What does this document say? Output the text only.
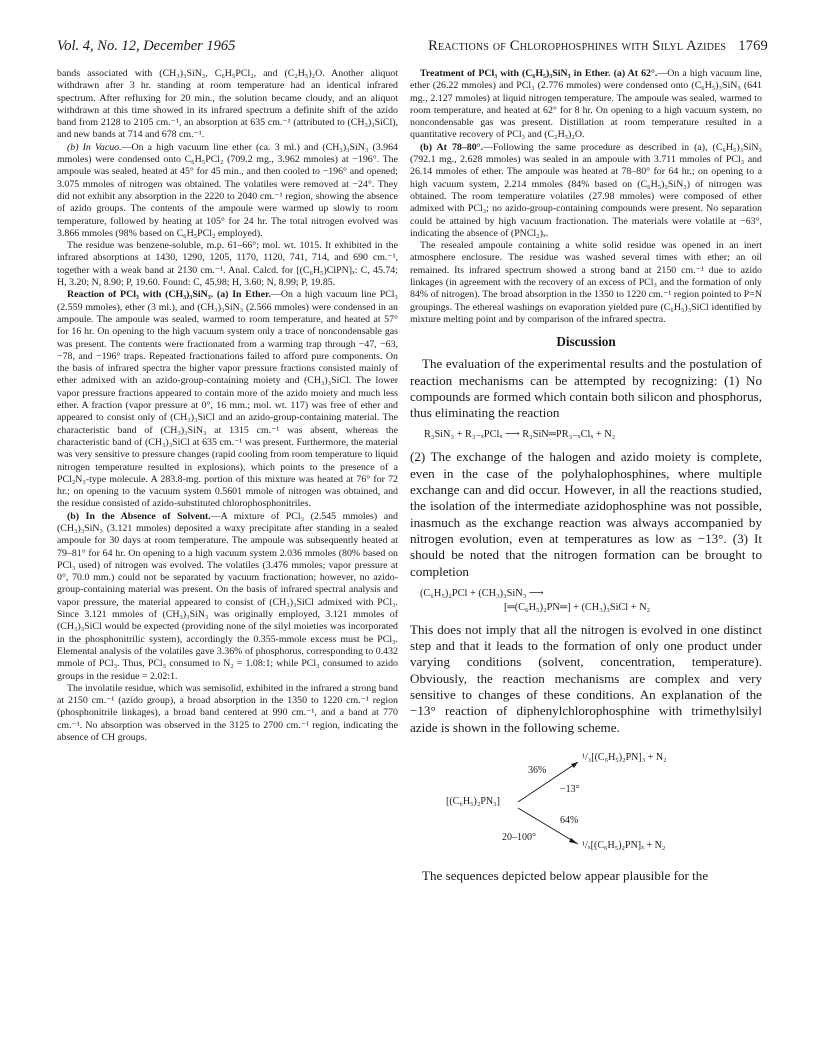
Vol. 4, No. 12, December 1965	Reactions of Chlorophosphines with Silyl Azides 1769

bands associated with (CH₃)₃SiN₃, C₆H₅PCl₂, and (C₂H₅)₂O. Another aliquot withdrawn after 3 hr. standing at room temperature had an identical infrared spectrum. After refluxing for 20 min., the solution became cloudy, and an aliquot withdrawn at this time showed in its infrared spectrum a definite shift of the azido band from 2128 to 2105 cm.⁻¹, an absorption at 635 cm.⁻¹ (attributed to (CH₃)₃SiCl), and new bands at 714 and 678 cm.⁻¹.

(b) In Vacuo.—On a high vacuum line ether (ca. 3 ml.) and (CH₃)₃SiN₃ (3.964 mmoles) were condensed onto C₆H₅PCl₂ (709.2 mg., 3.962 mmoles) at −196°. The ampoule was sealed, heated at 45° for 45 min., and then cooled to −196° and opened; 3.075 mmoles of nitrogen was obtained. The volatiles were removed at −24°. They did not exhibit any absorption in the 2220 to 2040 cm.⁻¹ region, showing the absence of azido groups. The contents of the ampoule were warmed up slowly to room temperature, followed by heating at 105° for 24 hr. The total nitrogen evolved was 3.866 mmoles (98% based on C₆H₅PCl₂ employed).

The residue was benzene-soluble, m.p. 61–66°; mol. wt. 1015. It exhibited in the infrared absorptions at 1430, 1290, 1205, 1170, 1120, 741, 714, and 690 cm.⁻¹, together with a weak band at 2130 cm.⁻¹. Anal. Calcd. for [(C₆H₅)ClPN]ₓ: C, 45.74; H, 3.20; N, 8.90; P, 19.60. Found: C, 45.98; H, 3.60; N, 8.99; P, 19.85.

Reaction of PCl₃ with (CH₃)₃SiN₃. (a) In Ether.—On a high vacuum line PCl₃ (2.559 mmoles), ether (3 ml.), and (CH₃)₃SiN₃ (2.566 mmoles) were condensed in an ampoule. The ampoule was sealed, warmed to room temperature, and heated at 57° for 16 hr. On opening to the high vacuum system only a trace of noncondensable gas was present. The contents were fractionated from a warming trap through −47, −63, −78, and −196° traps. Repeated fractionations failed to afford pure components. On the basis of infrared spectra the higher vapor pressure fractions consisted mainly of ether admixed with an azido-group-containing moiety and (CH₃)₃SiCl. The lower vapor pressure fractions appeared to contain more of the azido moiety and much less ether. A fraction (vapor pressure at 0°, 16 mm.; mol. wt. 117) was free of ether and appeared to consist only of (CH₃)₃SiCl and an azido-group-containing material. The characteristic band of (CH₃)₃SiN₃ at 1315 cm.⁻¹ was absent, whereas the characteristic band of (CH₃)₃SiCl at 635 cm.⁻¹ was present. Furthermore, the material was very sensitive to pressure changes (rapid cooling from room temperature to liquid nitrogen temperature resulted in explosions), which points to the presence of a PCl₂N₃-type molecule. A 283.8-mg. portion of this mixture was heated at 76° for 72 hr.; on opening to the vacuum system 0.5601 mmole of nitrogen was obtained, and the residue consisted of azido-substituted chlorophosphonitriles.

(b) In the Absence of Solvent.—A mixture of PCl₃ (2.545 mmoles) and (CH₃)₃SiN₃ (3.121 mmoles) deposited a waxy precipitate after standing in a sealed ampoule for 30 days at room temperature. The ampoule was subsequently heated at 79–81° for 64 hr. On opening to a high vacuum system 2.036 mmoles (80% based on PCl₃ used) of nitrogen was evolved. The volatiles (3.476 mmoles; vapor pressure at 0°, 70.0 mm.) could not be separated by vacuum fractionation; however, no azido-group-containing material was present. On the basis of infrared spectral analysis and vapor pressure, the material appeared to consist of (CH₃)₃SiCl admixed with PCl₃. Since 3.121 mmoles of (CH₃)₃SiN₃ was originally employed, 3.121 mmoles of (CH₃)₃SiCl would be expected (providing none of the silyl moieties was incorporated in the phosphonitrilic system), accordingly the 0.355-mmole excess must be PCl₃. Elemental analysis of the volatiles gave 3.36% of phosphorus, corresponding to 0.432 mmole of PCl₃. Thus, PCl₃ consumed to N₂ = 1.08:1; while PCl₃ consumed to azido groups in the residue = 2.02:1.

The involatile residue, which was semisolid, exhibited in the infrared a strong band at 2150 cm.⁻¹ (azido group), a broad absorption in the 1350 to 1220 cm.⁻¹ region (phosphonitrile linkages), a broad band centered at 990 cm.⁻¹, and a band at 770 cm.⁻¹. No absorption was observed in the 3125 to 2700 cm.⁻¹ region, indicating the absence of CH groups.

Treatment of PCl₃ with (C₆H₅)₃SiN₃ in Ether. (a) At 62°.—On a high vacuum line, ether (26.22 mmoles) and PCl₃ (2.776 mmoles) were condensed onto (C₆H₅)₃SiN₃ (641 mg., 2.127 mmoles) at liquid nitrogen temperature. The ampoule was sealed, warmed to room temperature, and heated at 62° for 8 hr. On opening to a high vacuum system, no noncondensable gas was present. Distillation at room temperature resulted in a quantitative recovery of PCl₃ and (C₂H₅)₂O.

(b) At 78–80°.—Following the same procedure as described in (a), (C₆H₅)₃SiN₃ (792.1 mg., 2.628 mmoles) was sealed in an ampoule with 3.711 mmoles of PCl₃ and 26.14 mmoles of ether. The ampoule was heated at 78–80° for 64 hr.; on opening to a high vacuum system, 2.214 mmoles (84% based on (C₆H₅)₃SiN₃) of nitrogen was obtained. The room temperature volatiles (27.98 mmoles) were composed of ether admixed with PCl₃; no azido-group-containing compounds were present. No separation could be attained by high vacuum fractionation. The materials were volatile at −63°, indicating the absence of (PNCl₂)ₓ.

The resealed ampoule containing a white solid residue was opened in an inert atmosphere enclosure. The residue was washed several times with ether; an oil remained. Its infrared spectrum showed a strong band at 2150 cm.⁻¹ due to azido linkages (in agreement with the recovery of an excess of PCl₃ and the formation of only 84% of nitrogen). The broad absorption in the 1350 to 1220 cm.⁻¹ region pointed to P=N groupings. The ethereal washings on evaporation yielded pure (C₆H₅)₃SiCl identified by mixture melting point and by comparison of the infrared spectra.

Discussion

The evaluation of the experimental results and the postulation of reaction mechanisms can be attempted by recognizing: (1) No compounds are formed which contain both silicon and phosphorus, thus eliminating the reaction

R₃SiN₃ + R₃₋ₓPClₓ ⟶ R₃SiN═PR₃₋ₓClₓ + N₂

(2) The exchange of the halogen and azido moiety is complete, even in the case of the polyhalophosphines, where multiple exchange can and did occur. However, in all the reactions studied, the isolation of the intermediate azidophosphine was not possible, inasmuch as the exchange reaction was always accompanied by nitrogen evolution, even at temperatures as low as −13°. (3) It should be noted that the nitrogen formation can be brought to completion

(C₆H₅)₂PCl + (CH₃)₃SiN₃ ⟶
[═(C₆H₅)₂PN═] + (CH₃)₃SiCl + N₂

This does not imply that all the nitrogen is evolved in one distinct step and that it leads to the formation of only one product under varying conditions (solvent, concentration, temperature). Obviously, the reaction mechanisms are complex and very sensitive to changes of these conditions. An explanation of the −13° reaction of diphenylchlorophosphine with trimethylsilyl azide is shown in the following scheme.

[(C₆H₅)₂PN₃]
¹/₃[(C₆H₅)₂PN]₃ + N₂
36%
−13°
64%
20–100°
¹/ₓ[(C₆H₅)₂PN]ₓ + N₂

The sequences depicted below appear plausible for the
